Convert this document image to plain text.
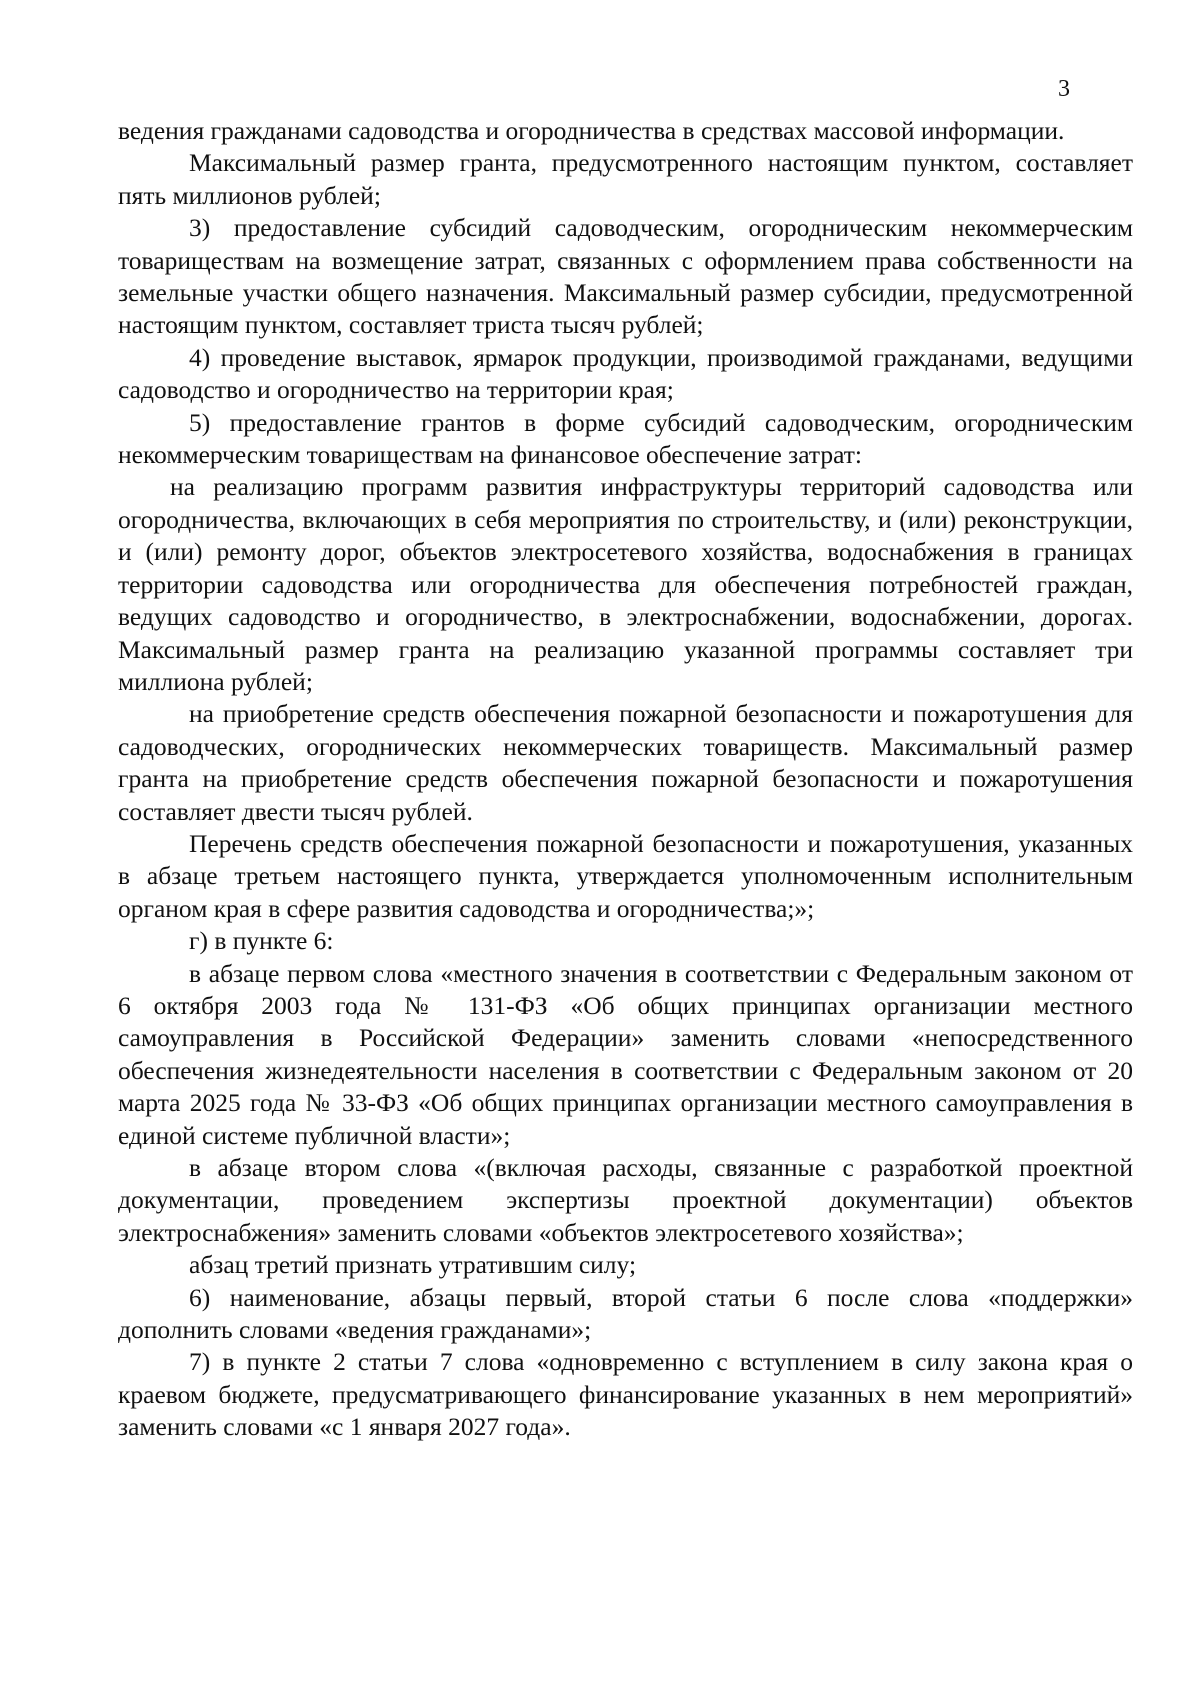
3

ведения гражданами садоводства и огородничества в средствах массовой информации.

Максимальный размер гранта, предусмотренного настоящим пунктом, составляет пять миллионов рублей;

3) предоставление субсидий садоводческим, огородническим некоммерческим товариществам на возмещение затрат, связанных с оформлением права собственности на земельные участки общего назначения. Максимальный размер субсидии, предусмотренной настоящим пунктом, составляет триста тысяч рублей;

4) проведение выставок, ярмарок продукции, производимой гражданами, ведущими садоводство и огородничество на территории края;

5) предоставление грантов в форме субсидий садоводческим, огородническим некоммерческим товариществам на финансовое обеспечение затрат:

на реализацию программ развития инфраструктуры территорий садоводства или огородничества, включающих в себя мероприятия по строительству, и (или) реконструкции, и (или) ремонту дорог, объектов электросетевого хозяйства, водоснабжения в границах территории садоводства или огородничества для обеспечения потребностей граждан, ведущих садоводство и огородничество, в электроснабжении, водоснабжении, дорогах. Максимальный размер гранта на реализацию указанной программы составляет три миллиона рублей;

на приобретение средств обеспечения пожарной безопасности и пожаротушения для садоводческих, огороднических некоммерческих товариществ. Максимальный размер гранта на приобретение средств обеспечения пожарной безопасности и пожаротушения составляет двести тысяч рублей.

Перечень средств обеспечения пожарной безопасности и пожаротушения, указанных в абзаце третьем настоящего пункта, утверждается уполномоченным исполнительным органом края в сфере развития садоводства и огородничества;»;

г) в пункте 6:

в абзаце первом слова «местного значения в соответствии с Федеральным законом от 6 октября 2003 года № 131-ФЗ «Об общих принципах организации местного самоуправления в Российской Федерации» заменить словами «непосредственного обеспечения жизнедеятельности населения в соответствии с Федеральным законом от 20 марта 2025 года № 33-ФЗ «Об общих принципах организации местного самоуправления в единой системе публичной власти»;

в абзаце втором слова «(включая расходы, связанные с разработкой проектной документации, проведением экспертизы проектной документации) объектов электроснабжения» заменить словами «объектов электросетевого хозяйства»;

абзац третий признать утратившим силу;

6) наименование, абзацы первый, второй статьи 6 после слова «поддержки» дополнить словами «ведения гражданами»;

7) в пункте 2 статьи 7 слова «одновременно с вступлением в силу закона края о краевом бюджете, предусматривающего финансирование указанных в нем мероприятий» заменить словами «с 1 января 2027 года».
